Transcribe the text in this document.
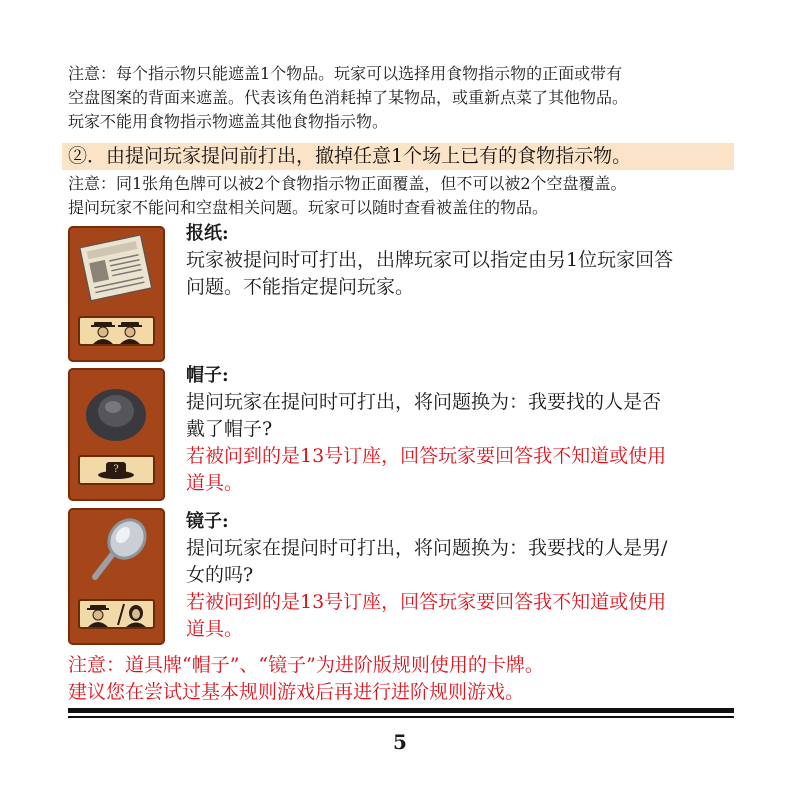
注意：每个指示物只能遮盖1个物品。玩家可以选择用食物指示物的正面或带有

空盘图案的背面来遮盖。代表该角色消耗掉了某物品，或重新点菜了其他物品。

玩家不能用食物指示物遮盖其他食物指示物。

②．由提问玩家提问前打出，撤掉任意1个场上已有的食物指示物。

注意：同1张角色牌可以被2个食物指示物正面覆盖，但不可以被2个空盘覆盖。

提问玩家不能问和空盘相关问题。玩家可以随时查看被盖住的物品。

?

报纸:

玩家被提问时可打出，出牌玩家可以指定由另1位玩家回答

问题。不能指定提问玩家。

帽子:

提问玩家在提问时可打出，将问题换为：我要找的人是否

戴了帽子?

若被问到的是13号订座，回答玩家要回答我不知道或使用

道具。

镜子:

提问玩家在提问时可打出，将问题换为：我要找的人是男/

女的吗?

若被问到的是13号订座，回答玩家要回答我不知道或使用

道具。

注意：道具牌“帽子”、“镜子”为进阶版规则使用的卡牌。

建议您在尝试过基本规则游戏后再进行进阶规则游戏。

5
